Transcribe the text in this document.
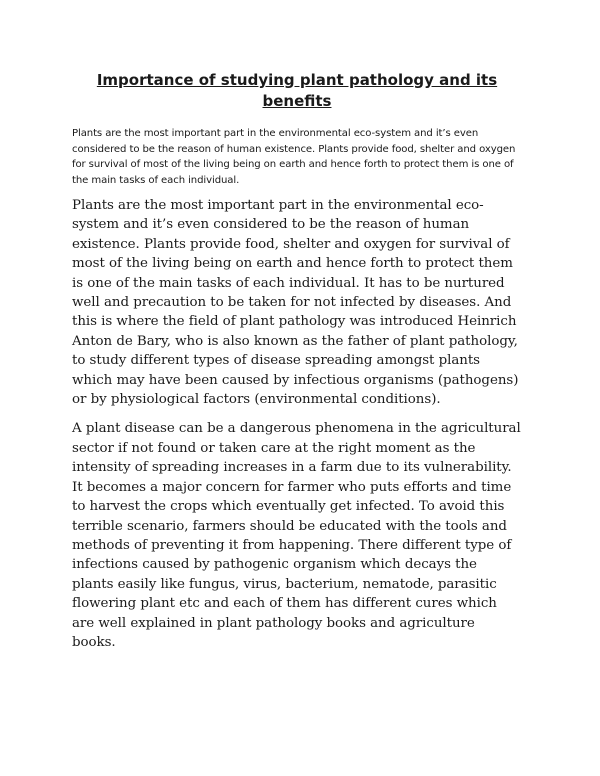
Importance of studying plant pathology and its benefits

Plants are the most important part in the environmental eco-system and it’s even considered to be the reason of human existence. Plants provide food, shelter and oxygen for survival of most of the living being on earth and hence forth to protect them is one of the main tasks of each individual.

Plants are the most important part in the environmental eco-system and it’s even considered to be the reason of human existence. Plants provide food, shelter and oxygen for survival of most of the living being on earth and hence forth to protect them is one of the main tasks of each individual. It has to be nurtured well and precaution to be taken for not infected by diseases. And this is where the field of plant pathology was introduced Heinrich Anton de Bary, who is also known as the father of plant pathology, to study different types of disease spreading amongst plants which may have been caused by infectious organisms (pathogens) or by physiological factors (environmental conditions).

A plant disease can be a dangerous phenomena in the agricultural sector if not found or taken care at the right moment as the intensity of spreading increases in a farm due to its vulnerability. It becomes a major concern for farmer who puts efforts and time to harvest the crops which eventually get infected. To avoid this terrible scenario, farmers should be educated with the tools and methods of preventing it from happening. There different type of infections caused by pathogenic organism which decays the plants easily like fungus, virus, bacterium, nematode, parasitic flowering plant etc and each of them has different cures which are well explained in plant pathology books and agriculture books.
